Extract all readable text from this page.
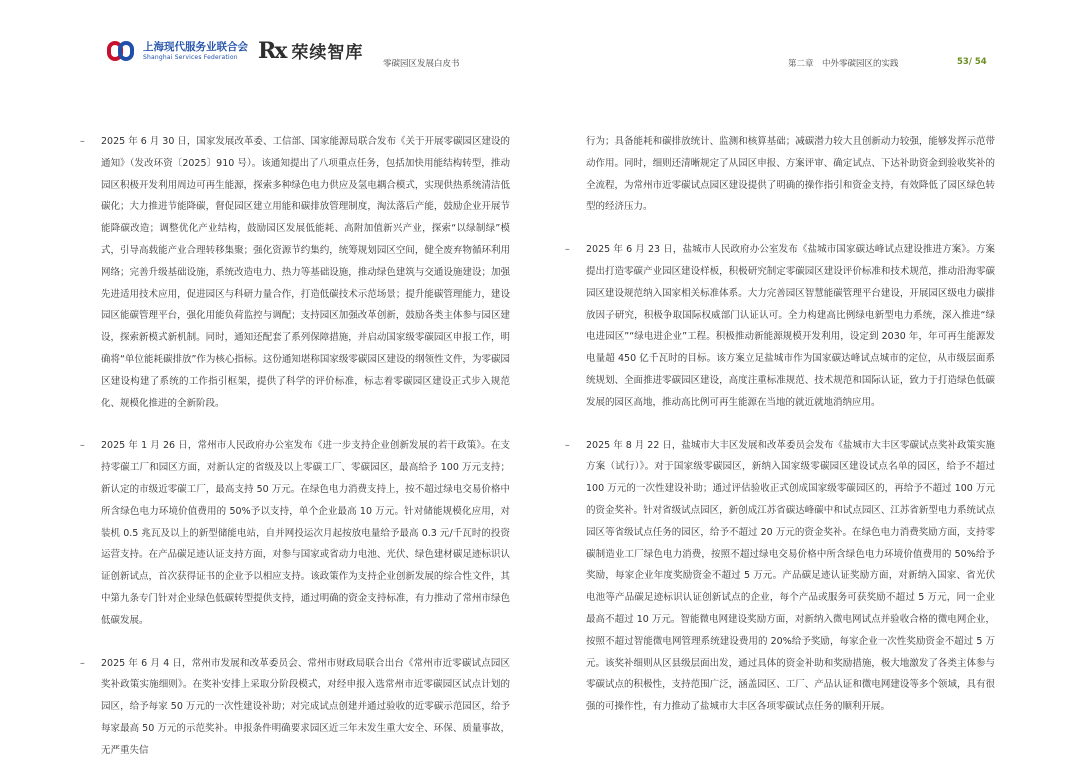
上海现代服务业联合会
Shanghai Services Federation Rx 荣续智库
零碳园区发展白皮书	第二章　中外零碳园区的实践	53/ 54
– 2025 年 6 月 30 日，国家发展改革委、工信部、国家能源局联合发布《关于开展零碳园区建设的通知》（发改环资〔2025〕910 号）。该通知提出了八项重点任务，包括加快用能结构转型，推动园区积极开发利用周边可再生能源，探索多种绿色电力供应及氢电耦合模式，实现供热系统清洁低碳化；大力推进节能降碳，督促园区建立用能和碳排放管理制度，淘汰落后产能，鼓励企业开展节能降碳改造；调整优化产业结构，鼓励园区发展低能耗、高附加值新兴产业，探索“以绿制绿”模式，引导高载能产业合理转移集聚；强化资源节约集约，统筹规划园区空间，健全废弃物循环利用网络；完善升级基础设施，系统改造电力、热力等基础设施，推动绿色建筑与交通设施建设；加强先进适用技术应用，促进园区与科研力量合作，打造低碳技术示范场景；提升能碳管理能力，建设园区能碳管理平台，强化用能负荷监控与调配；支持园区加强改革创新，鼓励各类主体参与园区建设，探索新模式新机制。同时，通知还配套了系列保障措施，并启动国家级零碳园区申报工作，明确将“单位能耗碳排放”作为核心指标。这份通知堪称国家级零碳园区建设的纲领性文件，为零碳园区建设构建了系统的工作指引框架，提供了科学的评价标准，标志着零碳园区建设正式步入规范化、规模化推进的全新阶段。

– 2025 年 1 月 26 日，常州市人民政府办公室发布《进一步支持企业创新发展的若干政策》。在支持零碳工厂和园区方面，对新认定的省级及以上零碳工厂、零碳园区，最高给予 100 万元支持；新认定的市级近零碳工厂，最高支持 50 万元。在绿色电力消费支持上，按不超过绿电交易价格中所含绿色电力环境价值费用的 50%予以支持，单个企业最高 10 万元。针对储能规模化应用，对装机 0.5 兆瓦及以上的新型储能电站，自并网投运次月起按放电量给予最高 0.3 元/千瓦时的投资运营支持。在产品碳足迹认证支持方面，对参与国家或省动力电池、光伏、绿色建材碳足迹标识认证创新试点，首次获得证书的企业予以相应支持。该政策作为支持企业创新发展的综合性文件，其中第九条专门针对企业绿色低碳转型提供支持，通过明确的资金支持标准，有力推动了常州市绿色低碳发展。

– 2025 年 6 月 4 日，常州市发展和改革委员会、常州市财政局联合出台《常州市近零碳试点园区奖补政策实施细则》。在奖补安排上采取分阶段模式，对经申报入选常州市近零碳园区试点计划的园区，给予每家 50 万元的一次性建设补助；对完成试点创建并通过验收的近零碳示范园区，给予每家最高 50 万元的示范奖补。申报条件明确要求园区近三年未发生重大安全、环保、质量事故，无严重失信

行为；具备能耗和碳排放统计、监测和核算基础；减碳潜力较大且创新动力较强，能够发挥示范带动作用。同时，细则还清晰规定了从园区申报、方案评审、确定试点、下达补助资金到验收奖补的全流程，为常州市近零碳试点园区建设提供了明确的操作指引和资金支持，有效降低了园区绿色转型的经济压力。

– 2025 年 6 月 23 日，盐城市人民政府办公室发布《盐城市国家碳达峰试点建设推进方案》。方案提出打造零碳产业园区建设样板，积极研究制定零碳园区建设评价标准和技术规范，推动沿海零碳园区建设规范纳入国家相关标准体系。大力完善园区智慧能碳管理平台建设，开展园区级电力碳排放因子研究，积极争取国际权威部门认证认可。全力构建高比例绿电新型电力系统，深入推进“绿电进园区”“绿电进企业”工程。积极推动新能源规模开发利用，设定到 2030 年，年可再生能源发电量超 450 亿千瓦时的目标。该方案立足盐城市作为国家碳达峰试点城市的定位，从市级层面系统规划、全面推进零碳园区建设，高度注重标准规范、技术规范和国际认证，致力于打造绿色低碳发展的园区高地，推动高比例可再生能源在当地的就近就地消纳应用。

– 2025 年 8 月 22 日，盐城市大丰区发展和改革委员会发布《盐城市大丰区零碳试点奖补政策实施方案（试行）》。对于国家级零碳园区，新纳入国家级零碳园区建设试点名单的园区，给予不超过 100 万元的一次性建设补助；通过评估验收正式创成国家级零碳园区的，再给予不超过 100 万元的资金奖补。针对省级试点园区，新创成江苏省碳达峰碳中和试点园区、江苏省新型电力系统试点园区等省级试点任务的园区，给予不超过 20 万元的资金奖补。在绿色电力消费奖励方面，支持零碳制造业工厂绿色电力消费，按照不超过绿电交易价格中所含绿色电力环境价值费用的 50%给予奖励，每家企业年度奖励资金不超过 5 万元。产品碳足迹认证奖励方面，对新纳入国家、省光伏电池等产品碳足迹标识认证创新试点的企业，每个产品或服务可获奖励不超过 5 万元，同一企业最高不超过 10 万元。智能微电网建设奖励方面，对新纳入微电网试点并验收合格的微电网企业，按照不超过智能微电网管理系统建设费用的 20%给予奖励，每家企业一次性奖励资金不超过 5 万元。该奖补细则从区县级层面出发，通过具体的资金补助和奖励措施，极大地激发了各类主体参与零碳试点的积极性，支持范围广泛，涵盖园区、工厂、产品认证和微电网建设等多个领域，具有很强的可操作性，有力推动了盐城市大丰区各项零碳试点任务的顺利开展。
